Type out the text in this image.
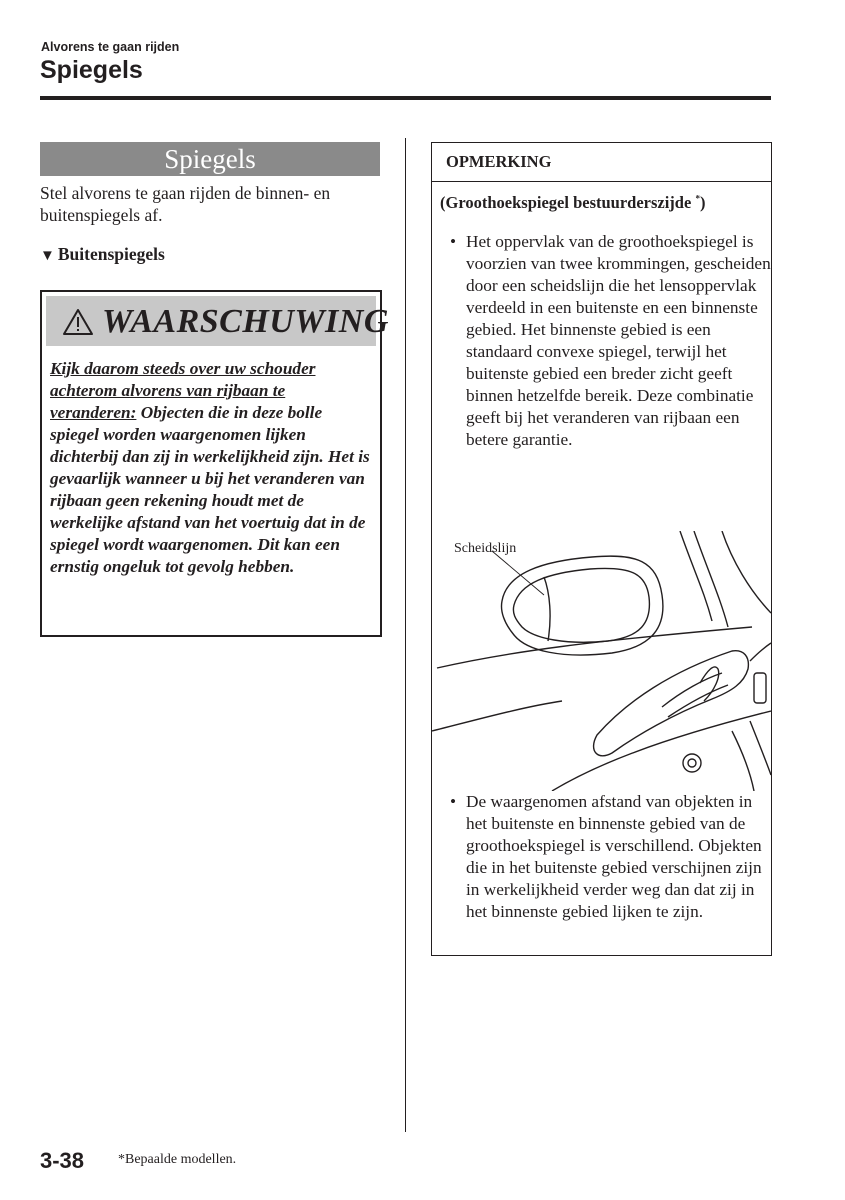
Alvorens te gaan rijden
Spiegels
Spiegels
Stel alvorens te gaan rijden de binnen- en buitenspiegels af.
▼ Buitenspiegels
WAARSCHUWING
Kijk daarom steeds over uw schouder achterom alvorens van rijbaan te veranderen: Objecten die in deze bolle spiegel worden waargenomen lijken dichterbij dan zij in werkelijkheid zijn. Het is gevaarlijk wanneer u bij het veranderen van rijbaan geen rekening houdt met de werkelijke afstand van het voertuig dat in de spiegel wordt waargenomen. Dit kan een ernstig ongeluk tot gevolg hebben.
OPMERKING
(Groothoekspiegel bestuurderszijde *)
• Het oppervlak van de groothoekspiegel is voorzien van twee krommingen, gescheiden door een scheidslijn die het lensoppervlak verdeeld in een buitenste en een binnenste gebied. Het binnenste gebied is een standaard convexe spiegel, terwijl het buitenste gebied een breder zicht geeft binnen hetzelfde bereik. Deze combinatie geeft bij het veranderen van rijbaan een betere garantie.
Scheidslijn
• De waargenomen afstand van objekten in het buitenste en binnenste gebied van de groothoekspiegel is verschillend. Objekten die in het buitenste gebied verschijnen zijn in werkelijkheid verder weg dan dat zij in het binnenste gebied lijken te zijn.
3-38 *Bepaalde modellen.
